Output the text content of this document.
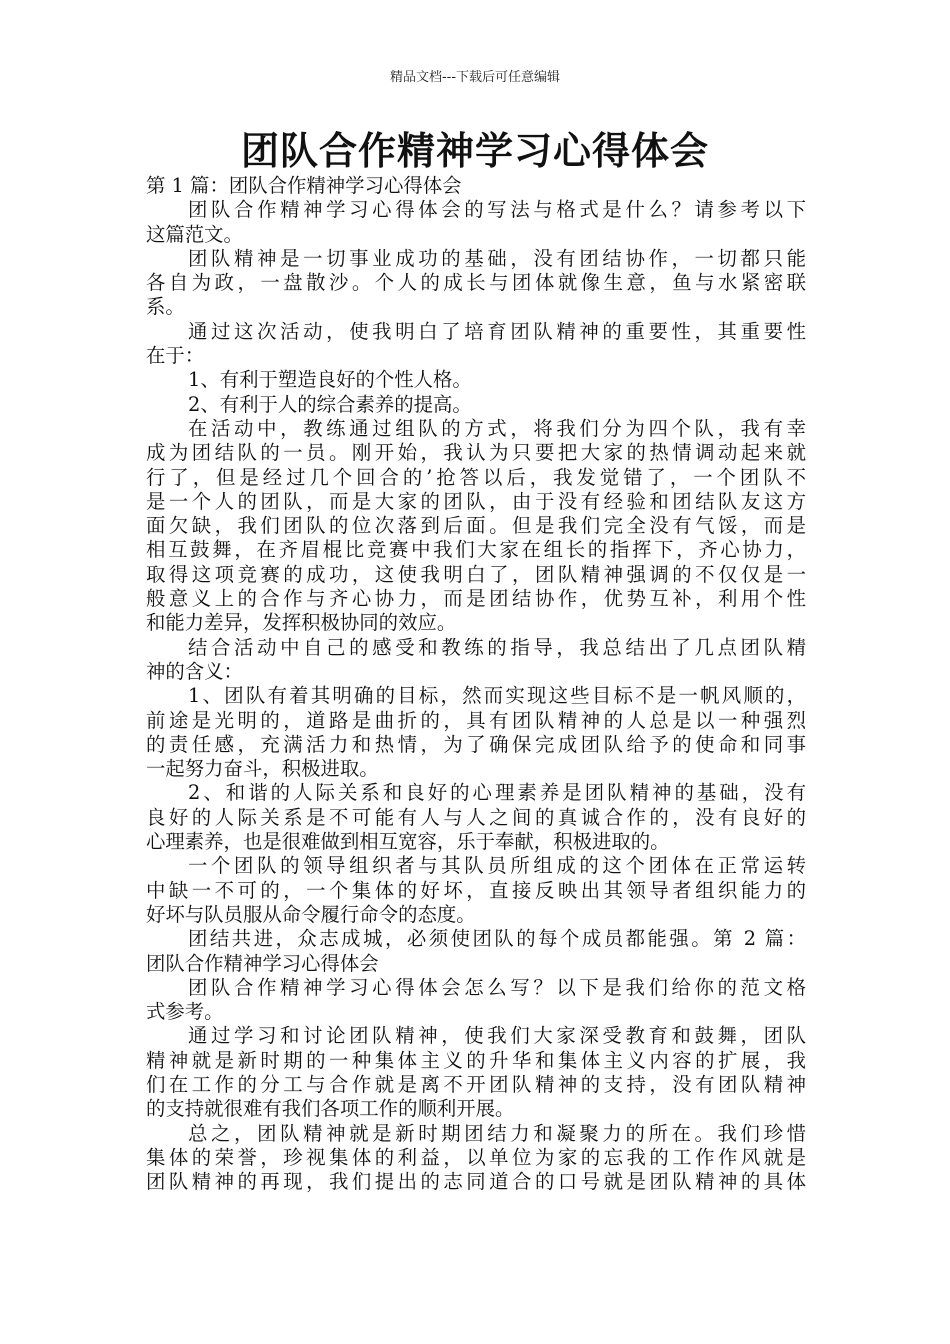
精品文档---下载后可任意编辑
团队合作精神学习心得体会
第 1 篇：团队合作精神学习心得体会
团队合作精神学习心得体会的写法与格式是什么？请参考以下
这篇范文。
团队精神是一切事业成功的基础，没有团结协作，一切都只能
各自为政，一盘散沙。个人的成长与团体就像生意，鱼与水紧密联
系。
通过这次活动，使我明白了培育团队精神的重要性，其重要性
在于：
1、有利于塑造良好的个性人格。
2、有利于人的综合素养的提高。
在活动中，教练通过组队的方式，将我们分为四个队，我有幸
成为团结队的一员。刚开始，我认为只要把大家的热情调动起来就
行了，但是经过几个回合的’抢答以后，我发觉错了，一个团队不
是一个人的团队，而是大家的团队，由于没有经验和团结队友这方
面欠缺，我们团队的位次落到后面。但是我们完全没有气馁，而是
相互鼓舞，在齐眉棍比竞赛中我们大家在组长的指挥下，齐心协力，
取得这项竞赛的成功，这使我明白了，团队精神强调的不仅仅是一
般意义上的合作与齐心协力，而是团结协作，优势互补，利用个性
和能力差异，发挥积极协同的效应。
结合活动中自己的感受和教练的指导，我总结出了几点团队精
神的含义：
1、团队有着其明确的目标，然而实现这些目标不是一帆风顺的，
前途是光明的，道路是曲折的，具有团队精神的人总是以一种强烈
的责任感，充满活力和热情，为了确保完成团队给予的使命和同事
一起努力奋斗，积极进取。
2、和谐的人际关系和良好的心理素养是团队精神的基础，没有
良好的人际关系是不可能有人与人之间的真诚合作的，没有良好的
心理素养，也是很难做到相互宽容，乐于奉献，积极进取的。
一个团队的领导组织者与其队员所组成的这个团体在正常运转
中缺一不可的，一个集体的好坏，直接反映出其领导者组织能力的
好坏与队员服从命令履行命令的态度。
团结共进，众志成城，必须使团队的每个成员都能强。第 2 篇：
团队合作精神学习心得体会
团队合作精神学习心得体会怎么写？以下是我们给你的范文格
式参考。
通过学习和讨论团队精神，使我们大家深受教育和鼓舞，团队
精神就是新时期的一种集体主义的升华和集体主义内容的扩展，我
们在工作的分工与合作就是离不开团队精神的支持，没有团队精神
的支持就很难有我们各项工作的顺利开展。
总之，团队精神就是新时期团结力和凝聚力的所在。我们珍惜
集体的荣誉，珍视集体的利益，以单位为家的忘我的工作作风就是
团队精神的再现，我们提出的志同道合的口号就是团队精神的具体
